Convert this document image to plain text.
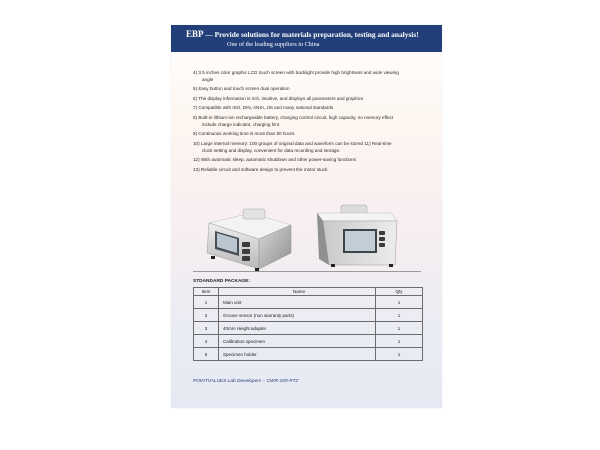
EBP — Provide solutions for materials preparation, testing and analysis!
One of the leading suppliers in China
4) 3.5 inches color graphic LCD touch screen with backlight provide high brightness and wide viewing
angle
5) Easy button and touch screen dual operation
6) The display information is rich, intuitive, and displays all parameters and graphics
7) Compatible with ISO, DIN, ANSI, JIS and many national standards
8) Built-in lithium-ion rechargeable battery, charging control circuit, high capacity, no memory effect
include charge indicator, charging hint
9) Continuous working time is more than 50 hours
10) Large internal memory: 100 groups of original data and waveform can be stored 11) Real-time
clock setting and display, convenient for data recording and storage.
12) With automatic sleep, automatic shutdown and other power-saving functions
13) Reliable circuit and software design to prevent the motor stuck
STDANDARD PACKAGE:
Item	Name	Qty
1	Main unit	1
2	Groove sensor (non warranty parts)	1
3	40mm Height adapter	1
4	Calibration specimen	1
5	Specimen holder	1
POINTVALUES Lab Developers – CWR-209-RTZ
